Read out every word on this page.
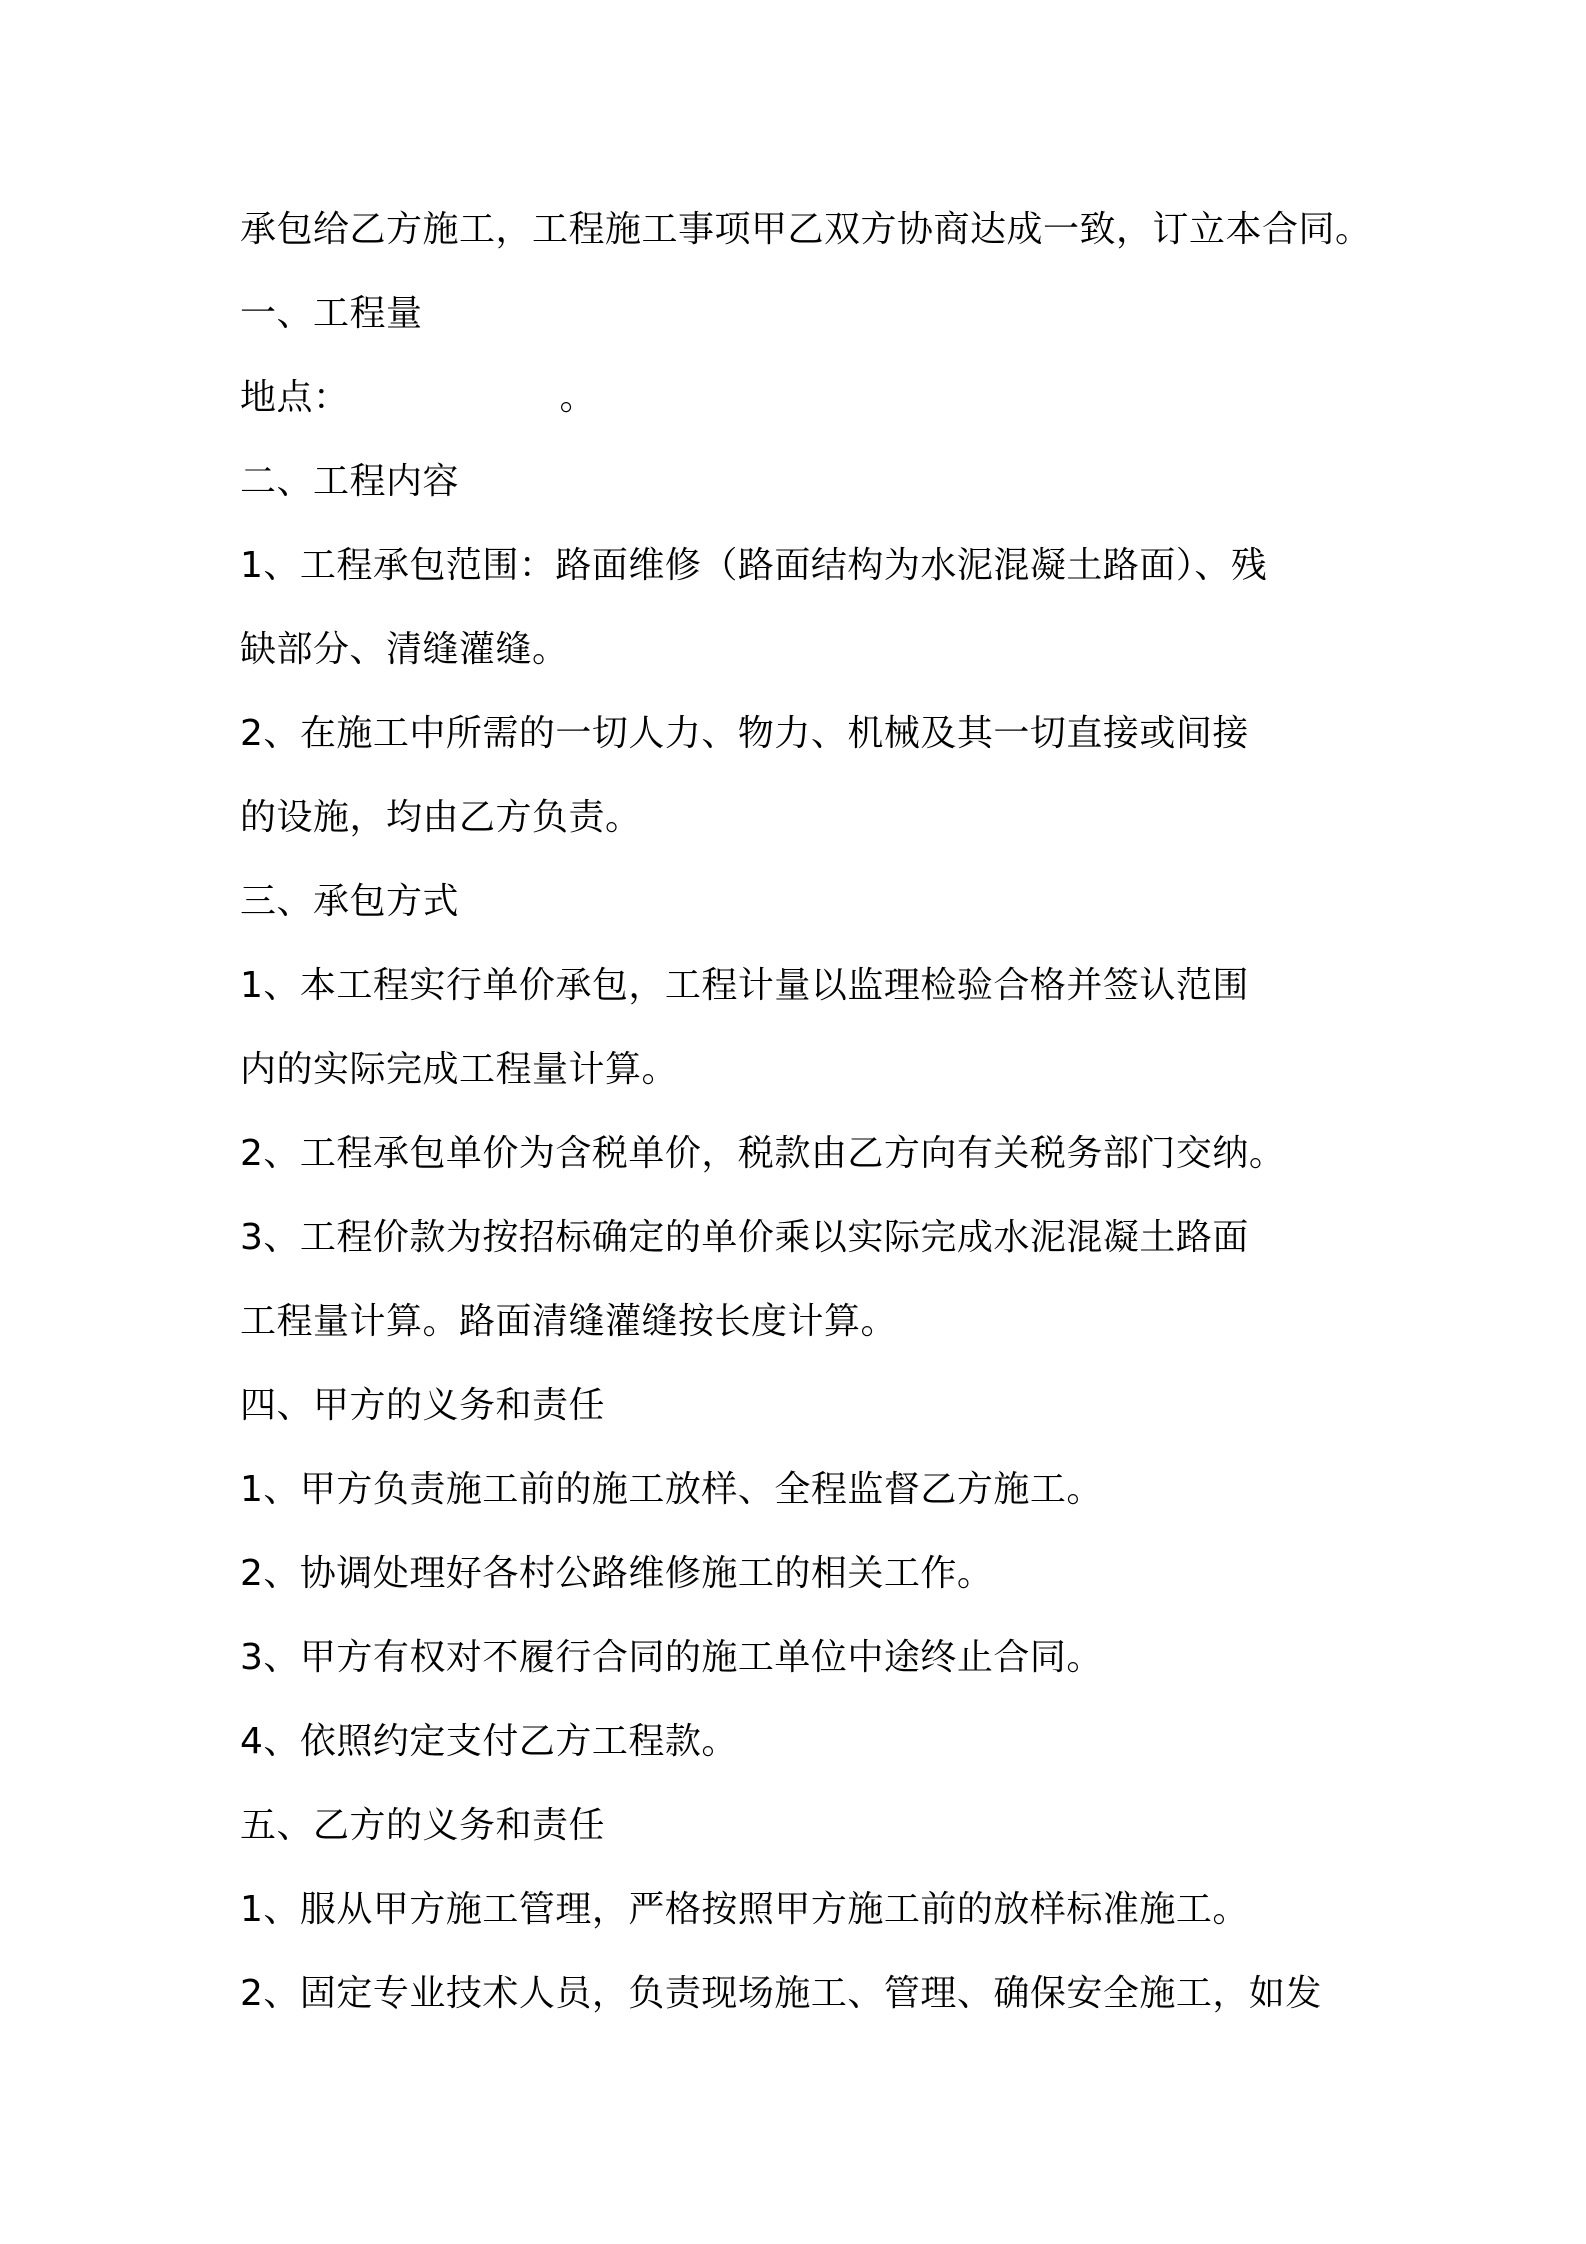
承包给乙方施工，工程施工事项甲乙双方协商达成一致，订立本合同。
一、工程量
地点：	。
二、工程内容
1、工程承包范围：路面维修（路面结构为水泥混凝土路面）、残
缺部分、清缝灌缝。
2、在施工中所需的一切人力、物力、机械及其一切直接或间接
的设施，均由乙方负责。
三、承包方式
1、本工程实行单价承包，工程计量以监理检验合格并签认范围
内的实际完成工程量计算。
2、工程承包单价为含税单价，税款由乙方向有关税务部门交纳。
3、工程价款为按招标确定的单价乘以实际完成水泥混凝土路面
工程量计算。路面清缝灌缝按长度计算。
四、甲方的义务和责任
1、甲方负责施工前的施工放样、全程监督乙方施工。
2、协调处理好各村公路维修施工的相关工作。
3、甲方有权对不履行合同的施工单位中途终止合同。
4、依照约定支付乙方工程款。
五、乙方的义务和责任
1、服从甲方施工管理，严格按照甲方施工前的放样标准施工。
2、固定专业技术人员，负责现场施工、管理、确保安全施工，如发
